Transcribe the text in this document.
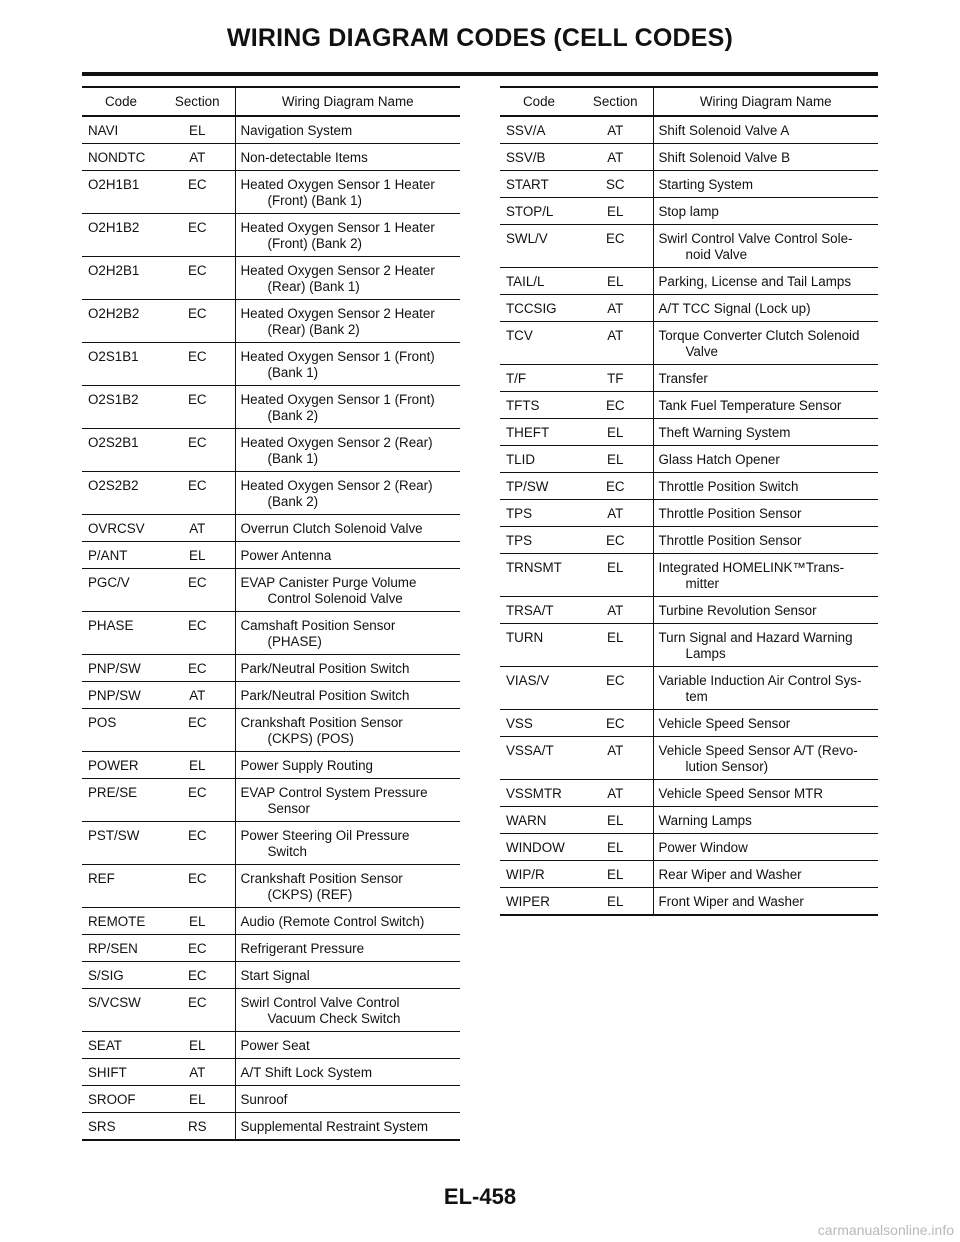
WIRING DIAGRAM CODES (CELL CODES)
Code	Section	Wiring Diagram Name
NAVI	EL	Navigation System

NONDTC	AT	Non-detectable Items

O2H1B1	EC	Heated Oxygen Sensor 1 Heater
(Front) (Bank 1)

O2H1B2	EC	Heated Oxygen Sensor 1 Heater
(Front) (Bank 2)

O2H2B1	EC	Heated Oxygen Sensor 2 Heater
(Rear) (Bank 1)

O2H2B2	EC	Heated Oxygen Sensor 2 Heater
(Rear) (Bank 2)

O2S1B1	EC	Heated Oxygen Sensor 1 (Front)
(Bank 1)

O2S1B2	EC	Heated Oxygen Sensor 1 (Front)
(Bank 2)

O2S2B1	EC	Heated Oxygen Sensor 2 (Rear)
(Bank 1)

O2S2B2	EC	Heated Oxygen Sensor 2 (Rear)
(Bank 2)

OVRCSV	AT	Overrun Clutch Solenoid Valve

P/ANT	EL	Power Antenna

PGC/V	EC	EVAP Canister Purge Volume
Control Solenoid Valve

PHASE	EC	Camshaft Position Sensor
(PHASE)

PNP/SW	EC	Park/Neutral Position Switch

PNP/SW	AT	Park/Neutral Position Switch

POS	EC	Crankshaft Position Sensor
(CKPS) (POS)

POWER	EL	Power Supply Routing

PRE/SE	EC	EVAP Control System Pressure
Sensor

PST/SW	EC	Power Steering Oil Pressure
Switch

REF	EC	Crankshaft Position Sensor
(CKPS) (REF)

REMOTE	EL	Audio (Remote Control Switch)

RP/SEN	EC	Refrigerant Pressure

S/SIG	EC	Start Signal

S/VCSW	EC	Swirl Control Valve Control
Vacuum Check Switch

SEAT	EL	Power Seat

SHIFT	AT	A/T Shift Lock System

SROOF	EL	Sunroof

SRS	RS	Supplemental Restraint System
Code	Section	Wiring Diagram Name
SSV/A	AT	Shift Solenoid Valve A

SSV/B	AT	Shift Solenoid Valve B

START	SC	Starting System

STOP/L	EL	Stop lamp

SWL/V	EC	Swirl Control Valve Control Sole-
noid Valve

TAIL/L	EL	Parking, License and Tail Lamps

TCCSIG	AT	A/T TCC Signal (Lock up)

TCV	AT	Torque Converter Clutch Solenoid
Valve

T/F	TF	Transfer

TFTS	EC	Tank Fuel Temperature Sensor

THEFT	EL	Theft Warning System

TLID	EL	Glass Hatch Opener

TP/SW	EC	Throttle Position Switch

TPS	AT	Throttle Position Sensor

TPS	EC	Throttle Position Sensor

TRNSMT	EL	Integrated HOMELINK™Trans-
mitter

TRSA/T	AT	Turbine Revolution Sensor

TURN	EL	Turn Signal and Hazard Warning
Lamps

VIAS/V	EC	Variable Induction Air Control Sys-
tem

VSS	EC	Vehicle Speed Sensor

VSSA/T	AT	Vehicle Speed Sensor A/T (Revo-
lution Sensor)

VSSMTR	AT	Vehicle Speed Sensor MTR

WARN	EL	Warning Lamps

WINDOW	EL	Power Window

WIP/R	EL	Rear Wiper and Washer

WIPER	EL	Front Wiper and Washer
EL-458
carmanualsonline.info
